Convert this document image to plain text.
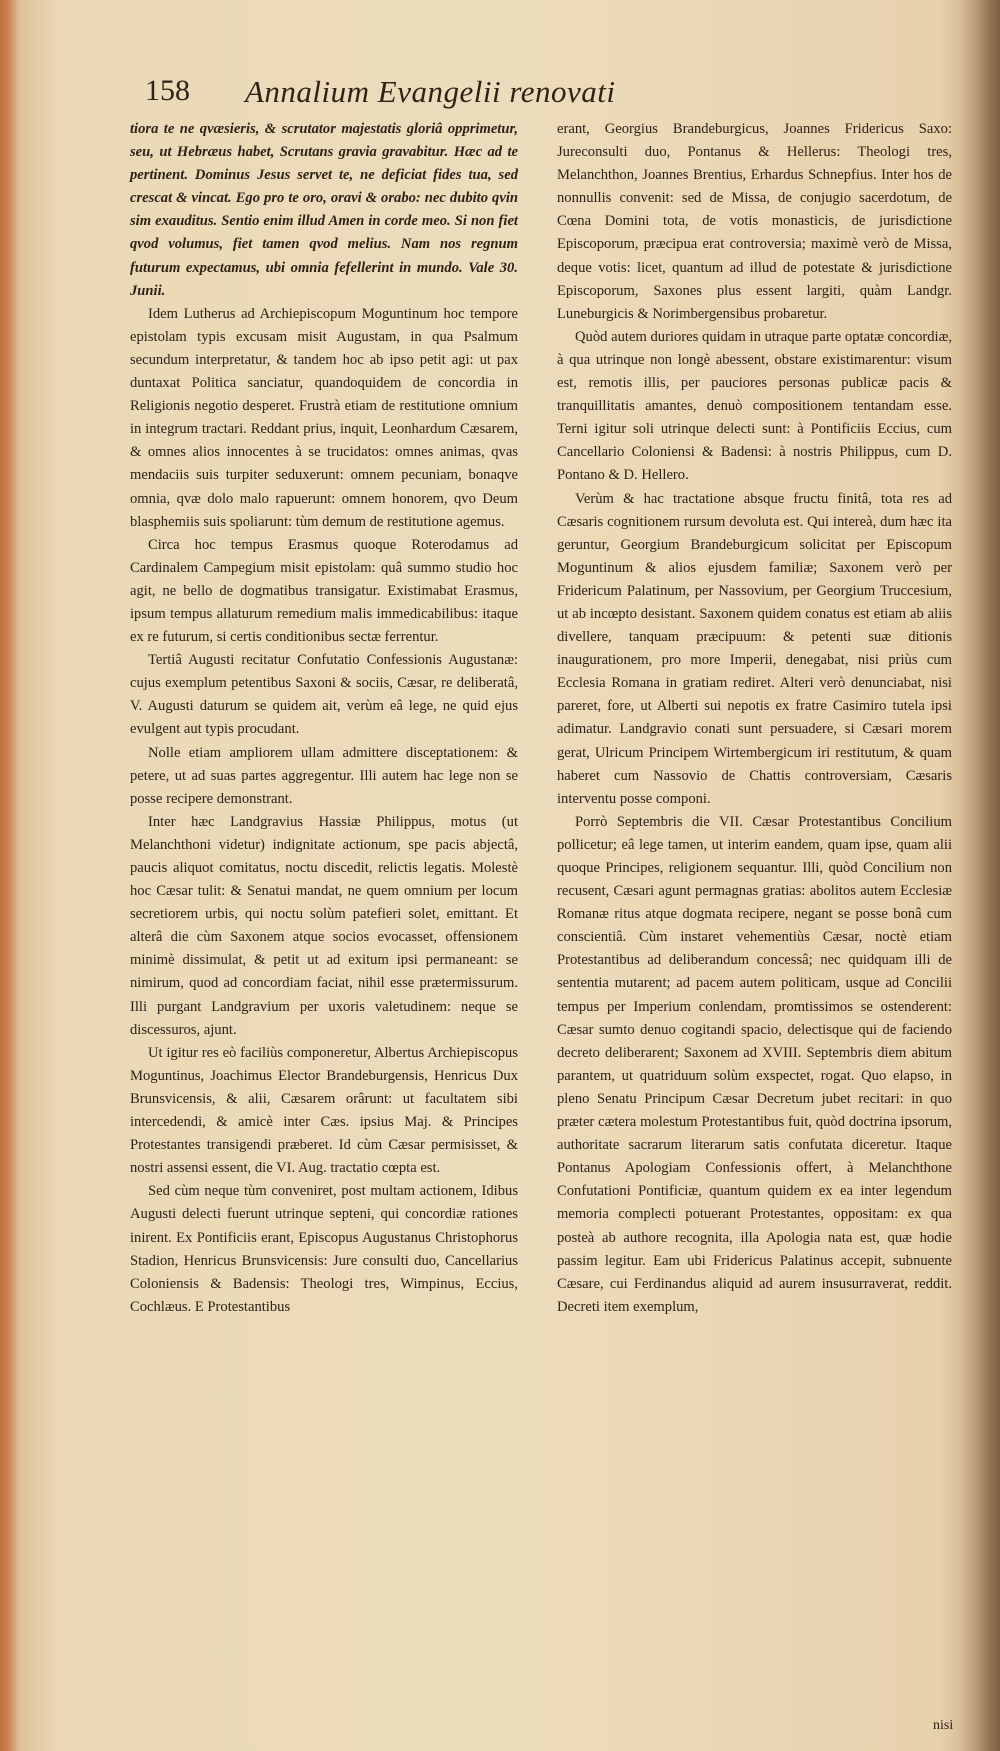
158 Annalium Evangelii renovati

tiora te ne qvæsieris, & scrutator majestatis gloriâ opprimetur, seu, ut Hebræus habet, Scrutans gravia gravabitur. Hæc ad te pertinent. Dominus Jesus servet te, ne deficiat fides tua, sed crescat & vincat. Ego pro te oro, oravi & orabo: nec dubito qvin sim exauditus. Sentio enim illud Amen in corde meo. Si non fiet qvod volumus, fiet tamen qvod melius. Nam nos regnum futurum expectamus, ubi omnia fefellerint in mundo. Vale 30. Junii.

Idem Lutherus ad Archiepiscopum Moguntinum hoc tempore epistolam typis excusam misit Augustam, in qua Psalmum secundum interpretatur, & tandem hoc ab ipso petit agi: ut pax duntaxat Politica sanciatur, quandoquidem de concordia in Religionis negotio desperet. Frustrà etiam de restitutione omnium in integrum tractari. Reddant prius, inquit, Leonhardum Cæsarem, & omnes alios innocentes à se trucidatos: omnes animas, qvas mendaciis suis turpiter seduxerunt: omnem pecuniam, bonaqve omnia, qvæ dolo malo rapuerunt: omnem honorem, qvo Deum blasphemiis suis spoliarunt: tùm demum de restitutione agemus.

Circa hoc tempus Erasmus quoque Roterodamus ad Cardinalem Campegium misit epistolam: quâ summo studio hoc agit, ne bello de dogmatibus transigatur. Existimabat Erasmus, ipsum tempus allaturum remedium malis immedicabilibus: itaque ex re futurum, si certis conditionibus sectæ ferrentur.

Tertiâ Augusti recitatur Confutatio Confessionis Augustanæ: cujus exemplum petentibus Saxoni & sociis, Cæsar, re deliberatâ, V. Augusti daturum se quidem ait, verùm eâ lege, ne quid ejus evulgent aut typis procudant.

Nolle etiam ampliorem ullam admittere disceptationem: & petere, ut ad suas partes aggregentur. Illi autem hac lege non se posse recipere demonstrant.

Inter hæc Landgravius Hassiæ Philippus, motus (ut Melanchthoni videtur) indignitate actionum, spe pacis abjectâ, paucis aliquot comitatus, noctu discedit, relictis legatis. Molestè hoc Cæsar tulit: & Senatui mandat, ne quem omnium per locum secretiorem urbis, qui noctu solùm patefieri solet, emittant. Et alterâ die cùm Saxonem atque socios evocasset, offensionem minimè dissimulat, & petit ut ad exitum ipsi permaneant: se nimirum, quod ad concordiam faciat, nihil esse prætermissurum. Illi purgant Landgravium per uxoris valetudinem: neque se discessuros, ajunt.

Ut igitur res eò faciliùs componeretur, Albertus Archiepiscopus Moguntinus, Joachimus Elector Brandeburgensis, Henricus Dux Brunsvicensis, & alii, Cæsarem orârunt: ut facultatem sibi intercedendi, & amicè inter Cæs. ipsius Maj. & Principes Protestantes transigendi præberet. Id cùm Cæsar permisisset, & nostri assensi essent, die VI. Aug. tractatio cœpta est.

Sed cùm neque tùm conveniret, post multam actionem, Idibus Augusti delecti fuerunt utrinque septeni, qui concordiæ rationes inirent. Ex Pontificiis erant, Episcopus Augustanus Christophorus Stadion, Henricus Brunsvicensis: Jure consulti duo, Cancellarius Coloniensis & Badensis: Theologi tres, Wimpinus, Eccius, Cochlæus. E Protestantibus

erant, Georgius Brandeburgicus, Joannes Fridericus Saxo: Jureconsulti duo, Pontanus & Hellerus: Theologi tres, Melanchthon, Joannes Brentius, Erhardus Schnepfius. Inter hos de nonnullis convenit: sed de Missa, de conjugio sacerdotum, de Cœna Domini tota, de votis monasticis, de jurisdictione Episcoporum, præcipua erat controversia; maximè verò de Missa, deque votis: licet, quantum ad illud de potestate & jurisdictione Episcoporum, Saxones plus essent largiti, quàm Landgr. Luneburgicis & Norimbergensibus probaretur.

Quòd autem duriores quidam in utraque parte optatæ concordiæ, à qua utrinque non longè abessent, obstare existimarentur: visum est, remotis illis, per pauciores personas publicæ pacis & tranquillitatis amantes, denuò compositionem tentandam esse. Terni igitur soli utrinque delecti sunt: à Pontificiis Eccius, cum Cancellario Coloniensi & Badensi: à nostris Philippus, cum D. Pontano & D. Hellero.

Verùm & hac tractatione absque fructu finitâ, tota res ad Cæsaris cognitionem rursum devoluta est. Qui intereà, dum hæc ita geruntur, Georgium Brandeburgicum solicitat per Episcopum Moguntinum & alios ejusdem familiæ; Saxonem verò per Fridericum Palatinum, per Nassovium, per Georgium Truccesium, ut ab incœpto desistant. Saxonem quidem conatus est etiam ab aliis divellere, tanquam præcipuum: & petenti suæ ditionis inaugurationem, pro more Imperii, denegabat, nisi priùs cum Ecclesia Romana in gratiam rediret. Alteri verò denunciabat, nisi pareret, fore, ut Alberti sui nepotis ex fratre Casimiro tutela ipsi adimatur. Landgravio conati sunt persuadere, si Cæsari morem gerat, Ulricum Principem Wirtembergicum iri restitutum, & quam haberet cum Nassovio de Chattis controversiam, Cæsaris interventu posse componi.

Porrò Septembris die VII. Cæsar Protestantibus Concilium pollicetur; eâ lege tamen, ut interim eandem, quam ipse, quam alii quoque Principes, religionem sequantur. Illi, quòd Concilium non recusent, Cæsari agunt permagnas gratias: abolitos autem Ecclesiæ Romanæ ritus atque dogmata recipere, negant se posse bonâ cum conscientiâ. Cùm instaret vehementiùs Cæsar, noctè etiam Protestantibus ad deliberandum concessâ; nec quidquam illi de sententia mutarent; ad pacem autem politicam, usque ad Concilii tempus per Imperium conlendam, promtissimos se ostenderent: Cæsar sumto denuo cogitandi spacio, delectisque qui de faciendo decreto deliberarent; Saxonem ad XVIII. Septembris diem abitum parantem, ut quatriduum solùm exspectet, rogat. Quo elapso, in pleno Senatu Principum Cæsar Decretum jubet recitari: in quo præter cætera molestum Protestantibus fuit, quòd doctrina ipsorum, authoritate sacrarum literarum satis confutata diceretur. Itaque Pontanus Apologiam Confessionis offert, à Melanchthone Confutationi Pontificiæ, quantum quidem ex ea inter legendum memoria complecti potuerant Protestantes, oppositam: ex qua posteà ab authore recognita, illa Apologia nata est, quæ hodie passim legitur. Eam ubi Fridericus Palatinus accepit, subnuente Cæsare, cui Ferdinandus aliquid ad aurem insusurraverat, reddit. Decreti item exemplum,

nisi
